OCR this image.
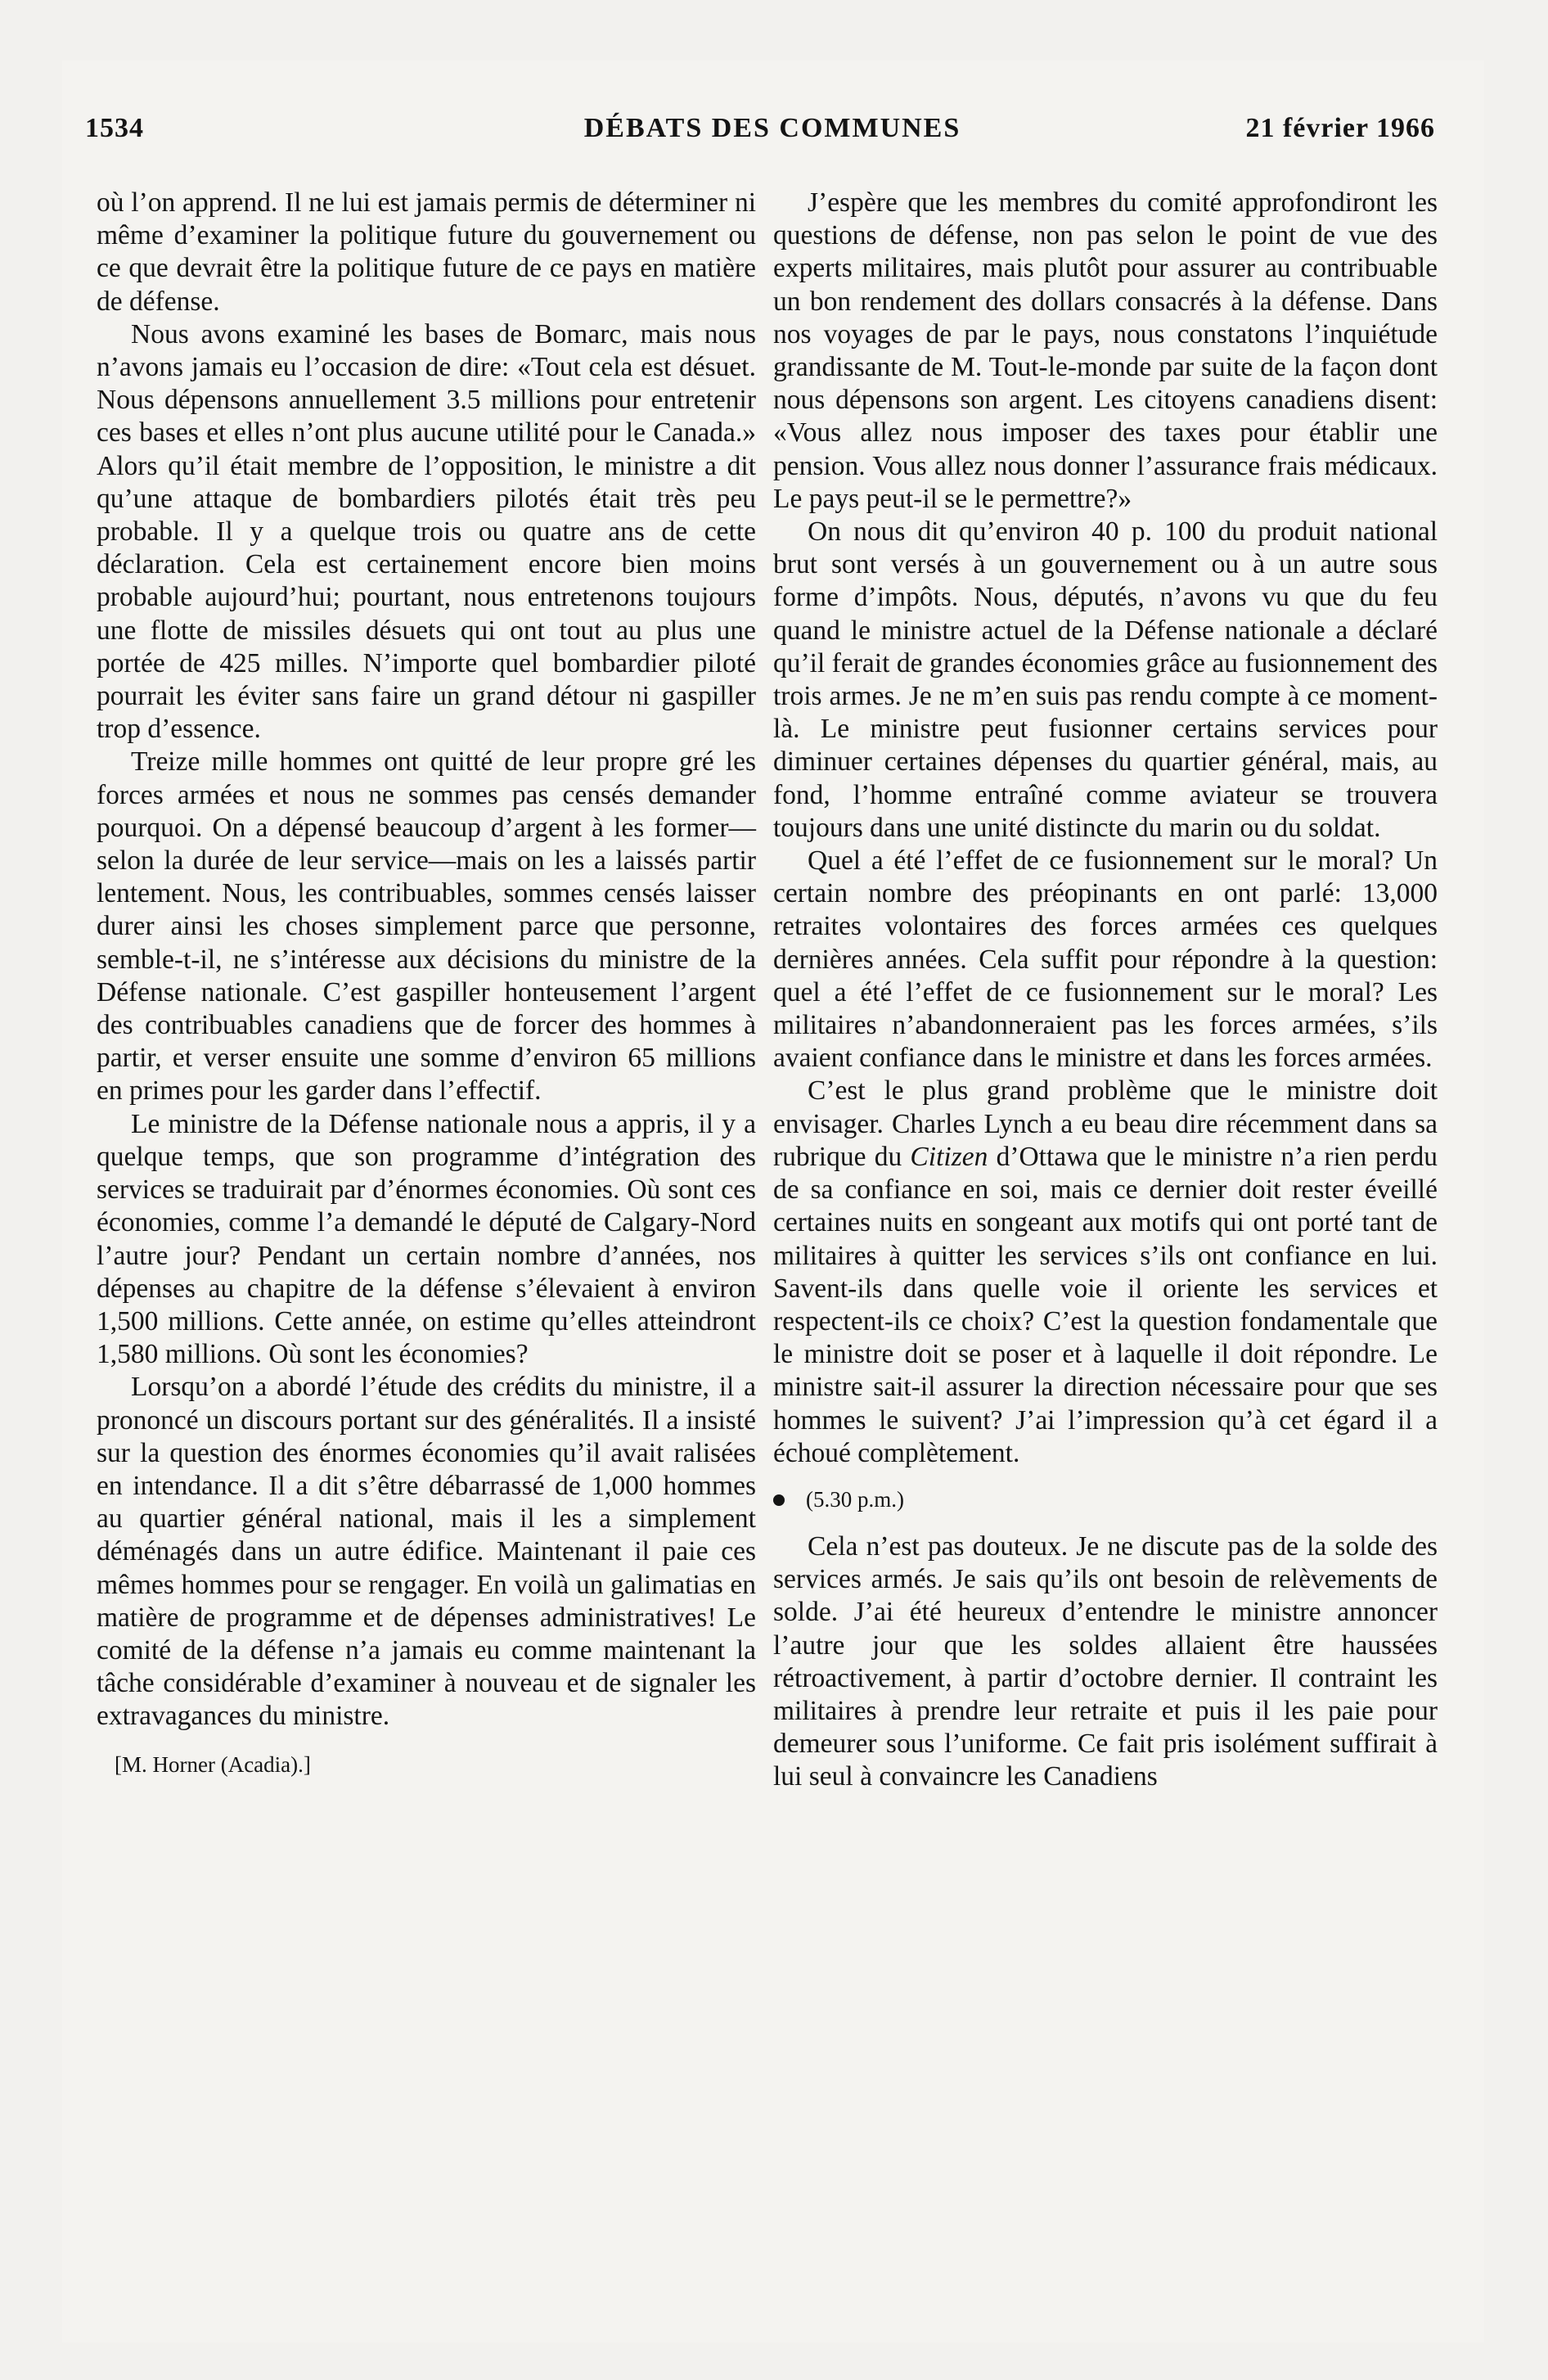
1534	DÉBATS DES COMMUNES	21 février 1966

où l’on apprend. Il ne lui est jamais permis de déterminer ni même d’examiner la politique future du gouvernement ou ce que devrait être la politique future de ce pays en matière de défense.

Nous avons examiné les bases de Bomarc, mais nous n’avons jamais eu l’occasion de dire: «Tout cela est désuet. Nous dépensons annuellement 3.5 millions pour entretenir ces bases et elles n’ont plus aucune utilité pour le Canada.» Alors qu’il était membre de l’opposition, le ministre a dit qu’une attaque de bombardiers pilotés était très peu probable. Il y a quelque trois ou quatre ans de cette déclaration. Cela est certainement encore bien moins probable aujourd’hui; pourtant, nous entretenons toujours une flotte de missiles désuets qui ont tout au plus une portée de 425 milles. N’importe quel bombardier piloté pourrait les éviter sans faire un grand détour ni gaspiller trop d’essence.

Treize mille hommes ont quitté de leur propre gré les forces armées et nous ne sommes pas censés demander pourquoi. On a dépensé beaucoup d’argent à les former—selon la durée de leur service—mais on les a laissés partir lentement. Nous, les contribuables, sommes censés laisser durer ainsi les choses simplement parce que personne, semble-t-il, ne s’intéresse aux décisions du ministre de la Défense nationale. C’est gaspiller honteusement l’argent des contribuables canadiens que de forcer des hommes à partir, et verser ensuite une somme d’environ 65 millions en primes pour les garder dans l’effectif.

Le ministre de la Défense nationale nous a appris, il y a quelque temps, que son programme d’intégration des services se traduirait par d’énormes économies. Où sont ces économies, comme l’a demandé le député de Calgary-Nord l’autre jour? Pendant un certain nombre d’années, nos dépenses au chapitre de la défense s’élevaient à environ 1,500 millions. Cette année, on estime qu’elles atteindront 1,580 millions. Où sont les économies?

Lorsqu’on a abordé l’étude des crédits du ministre, il a prononcé un discours portant sur des généralités. Il a insisté sur la question des énormes économies qu’il avait ralisées en intendance. Il a dit s’être débarrassé de 1,000 hommes au quartier général national, mais il les a simplement déménagés dans un autre édifice. Maintenant il paie ces mêmes hommes pour se rengager. En voilà un galimatias en matière de programme et de dépenses administratives! Le comité de la défense n’a jamais eu comme maintenant la tâche considérable d’examiner à nouveau et de signaler les extravagances du ministre.

[M. Horner (Acadia).]

J’espère que les membres du comité approfondiront les questions de défense, non pas selon le point de vue des experts militaires, mais plutôt pour assurer au contribuable un bon rendement des dollars consacrés à la défense. Dans nos voyages de par le pays, nous constatons l’inquiétude grandissante de M. Tout-le-monde par suite de la façon dont nous dépensons son argent. Les citoyens canadiens disent: «Vous allez nous imposer des taxes pour établir une pension. Vous allez nous donner l’assurance frais médicaux. Le pays peut-il se le permettre?»

On nous dit qu’environ 40 p. 100 du produit national brut sont versés à un gouvernement ou à un autre sous forme d’impôts. Nous, députés, n’avons vu que du feu quand le ministre actuel de la Défense nationale a déclaré qu’il ferait de grandes économies grâce au fusionnement des trois armes. Je ne m’en suis pas rendu compte à ce moment-là. Le ministre peut fusionner certains services pour diminuer certaines dépenses du quartier général, mais, au fond, l’homme entraîné comme aviateur se trouvera toujours dans une unité distincte du marin ou du soldat.

Quel a été l’effet de ce fusionnement sur le moral? Un certain nombre des préopinants en ont parlé: 13,000 retraites volontaires des forces armées ces quelques dernières années. Cela suffit pour répondre à la question: quel a été l’effet de ce fusionnement sur le moral? Les militaires n’abandonneraient pas les forces armées, s’ils avaient confiance dans le ministre et dans les forces armées.

C’est le plus grand problème que le ministre doit envisager. Charles Lynch a eu beau dire récemment dans sa rubrique du Citizen d’Ottawa que le ministre n’a rien perdu de sa confiance en soi, mais ce dernier doit rester éveillé certaines nuits en songeant aux motifs qui ont porté tant de militaires à quitter les services s’ils ont confiance en lui. Savent-ils dans quelle voie il oriente les services et respectent-ils ce choix? C’est la question fondamentale que le ministre doit se poser et à laquelle il doit répondre. Le ministre sait-il assurer la direction nécessaire pour que ses hommes le suivent? J’ai l’impression qu’à cet égard il a échoué complètement.

(5.30 p.m.)

Cela n’est pas douteux. Je ne discute pas de la solde des services armés. Je sais qu’ils ont besoin de relèvements de solde. J’ai été heureux d’entendre le ministre annoncer l’autre jour que les soldes allaient être haussées rétroactivement, à partir d’octobre dernier. Il contraint les militaires à prendre leur retraite et puis il les paie pour demeurer sous l’uniforme. Ce fait pris isolément suffirait à lui seul à convaincre les Canadiens
